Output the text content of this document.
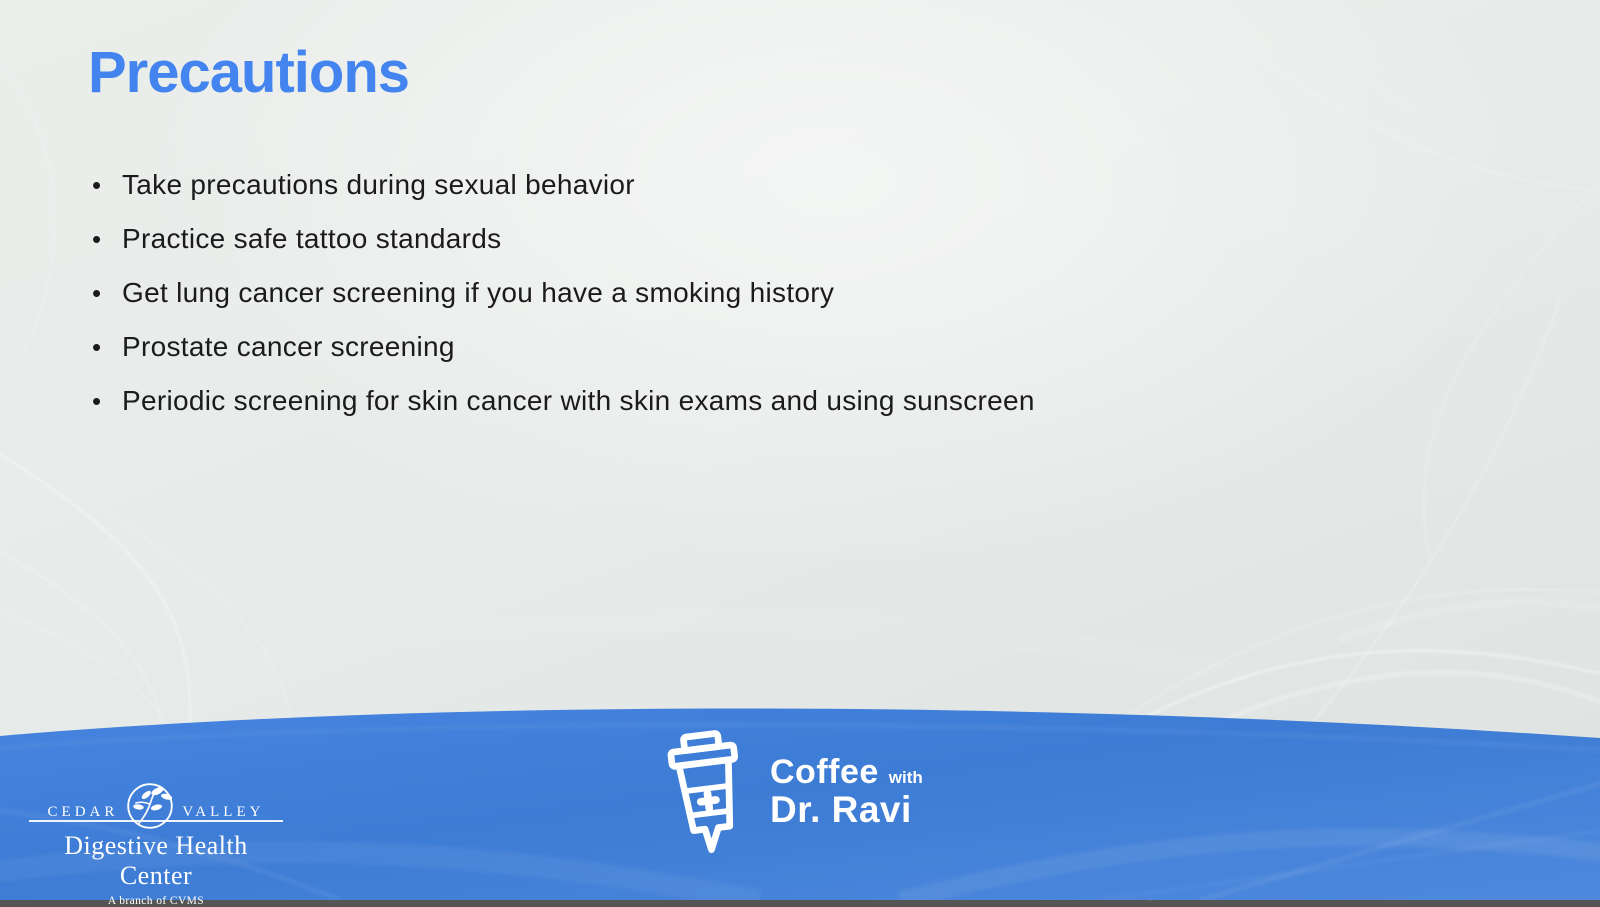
Precautions
• Take precautions during sexual behavior
• Practice safe tattoo standards
• Get lung cancer screening if you have a smoking history
• Prostate cancer screening
• Periodic screening for skin cancer with skin exams and using sunscreen
CEDAR	VALLEY
Digestive Health Center
A branch of CVMS
Coffee with
Dr. Ravi
